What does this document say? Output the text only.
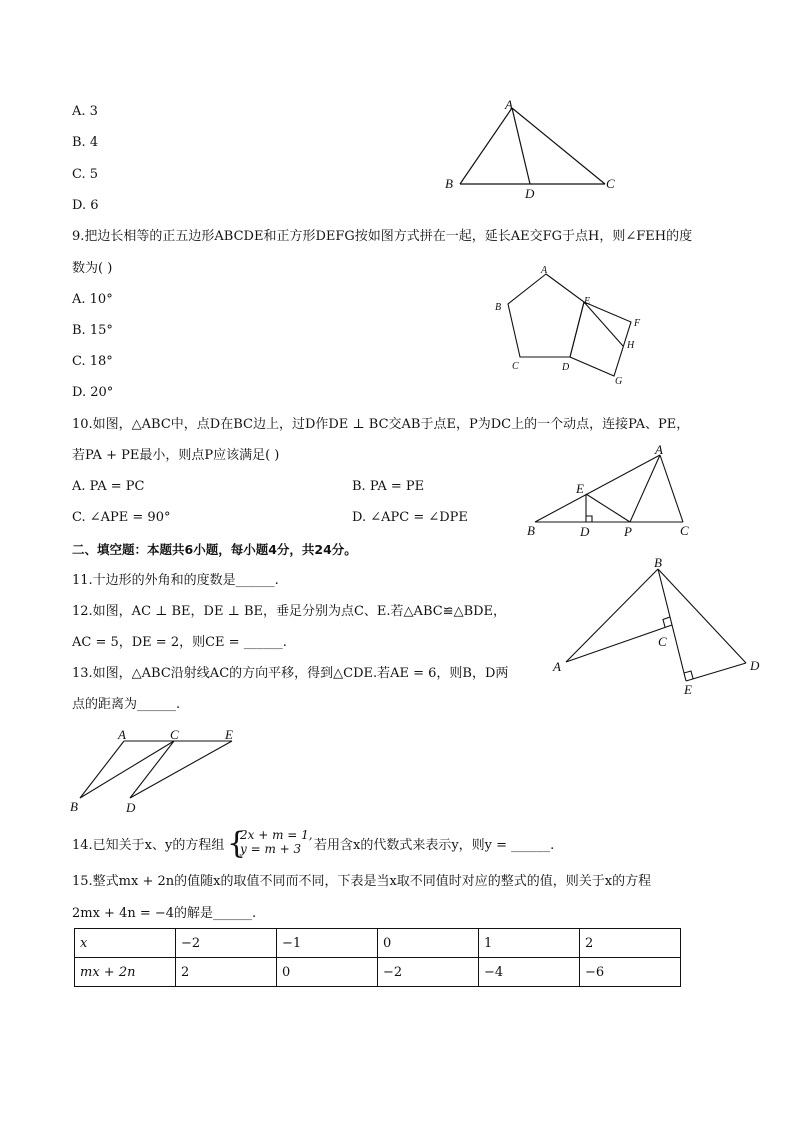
A. 3
B. 4
C. 5
D. 6
A
B	C
D
9.把边长相等的正五边形ABCDE和正方形DEFG按如图方式拼在一起，延长AE交FG于点H，则∠FEH的度
数为( )
A. 10°
B. 15°
C. 18°
D. 20°
A
B
C	D
E
F
G
H
10.如图，△ABC中，点D在BC边上，过D作DE ⊥ BC交AB于点E，P为DC上的一个动点，连接PA、PE，
若PA + PE最小，则点P应该满足( )
A. PA = PC	B. PA = PE
C. ∠APE = 90°	D. ∠APC = ∠DPE
A
B	C
D
E
P
二、填空题：本题共6小题，每小题4分，共24分。
11.十边形的外角和的度数是______.
12.如图，AC ⊥ BE，DE ⊥ BE，垂足分别为点C、E.若△ABC≌△BDE，
AC = 5，DE = 2，则CE = ______.
B
A
C
D
E
13.如图，△ABC沿射线AC的方向平移，得到△CDE.若AE = 6，则B，D两
点的距离为______.
A	C	E
B	D
14.已知关于x、y的方程组 {
2x + m = 1,
y = m + 3 若用含x的代数式来表示y，则y = ______.
15.整式mx + 2n的值随x的取值不同而不同，下表是当x取不同值时对应的整式的值，则关于x的方程
2mx + 4n = −4的解是______.
x	−2	−1	0	1	2
mx + 2n	2	0	−2	−4	−6
